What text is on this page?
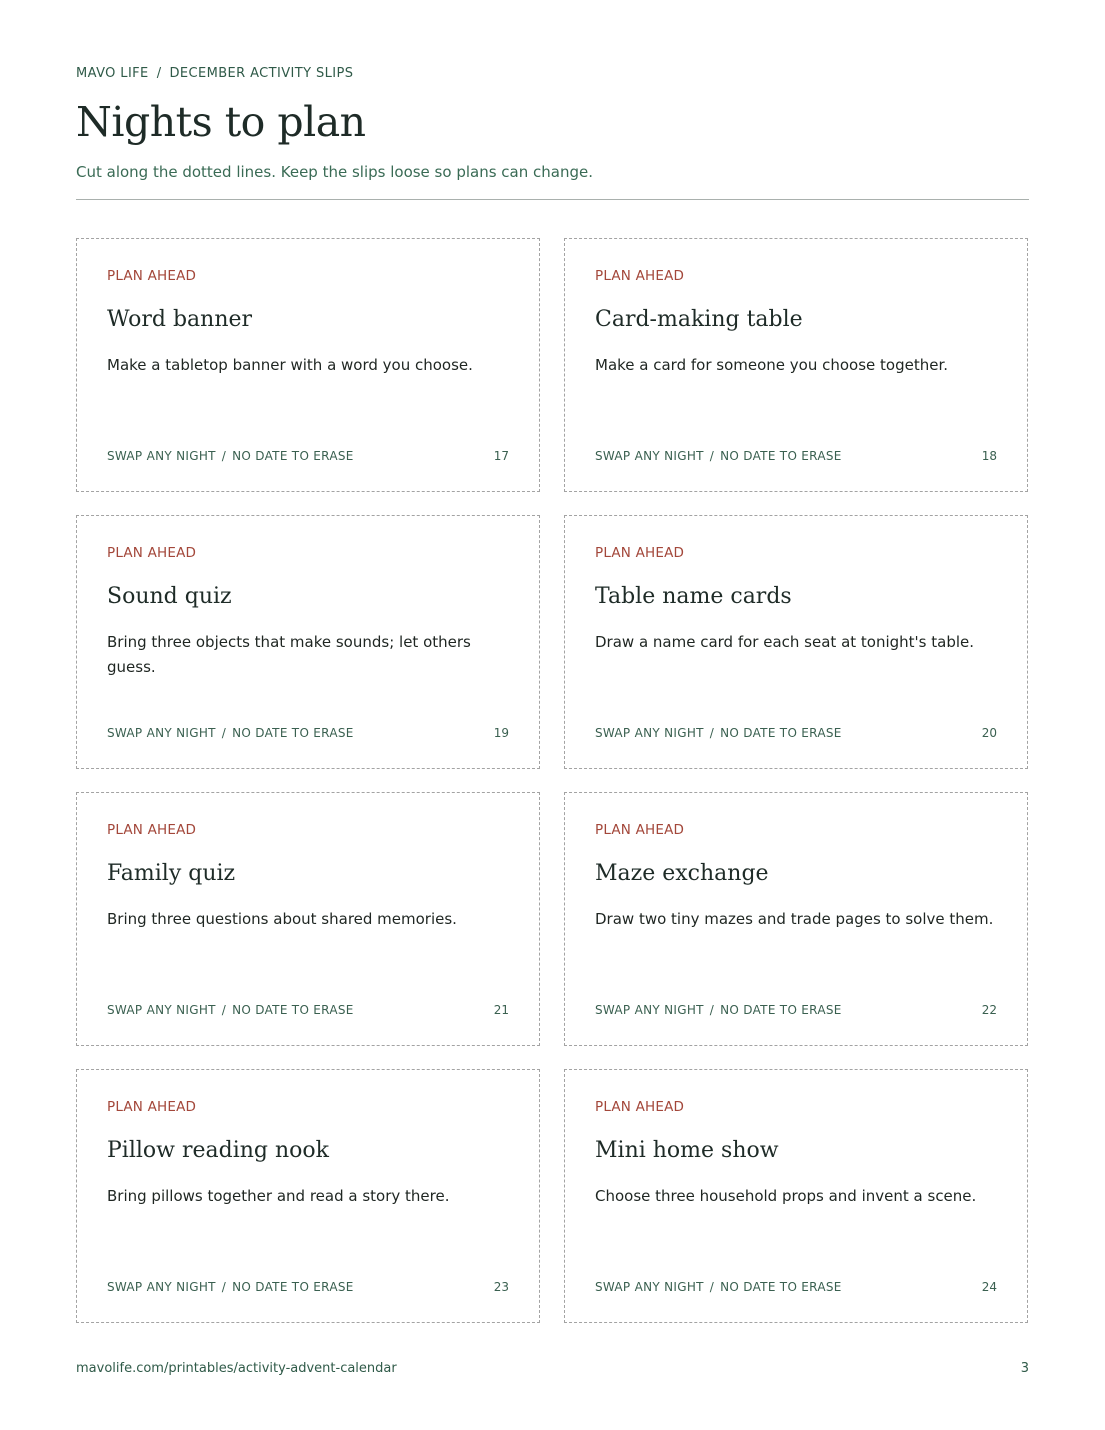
MAVO LIFE / DECEMBER ACTIVITY SLIPS
Nights to plan

Cut along the dotted lines. Keep the slips loose so plans can change.

PLAN AHEAD
Word banner

Make a tabletop banner with a word you choose.

SWAP ANY NIGHT / NO DATE TO ERASE	17
PLAN AHEAD
Card-making table

Make a card for someone you choose together.

SWAP ANY NIGHT / NO DATE TO ERASE	18
PLAN AHEAD
Sound quiz

Bring three objects that make sounds; let others guess.

SWAP ANY NIGHT / NO DATE TO ERASE	19
PLAN AHEAD
Table name cards

Draw a name card for each seat at tonight's table.

SWAP ANY NIGHT / NO DATE TO ERASE	20
PLAN AHEAD
Family quiz

Bring three questions about shared memories.

SWAP ANY NIGHT / NO DATE TO ERASE	21
PLAN AHEAD
Maze exchange

Draw two tiny mazes and trade pages to solve them.

SWAP ANY NIGHT / NO DATE TO ERASE	22
PLAN AHEAD
Pillow reading nook

Bring pillows together and read a story there.

SWAP ANY NIGHT / NO DATE TO ERASE	23
PLAN AHEAD
Mini home show

Choose three household props and invent a scene.

SWAP ANY NIGHT / NO DATE TO ERASE	24
mavolife.com/printables/activity-advent-calendar	3
